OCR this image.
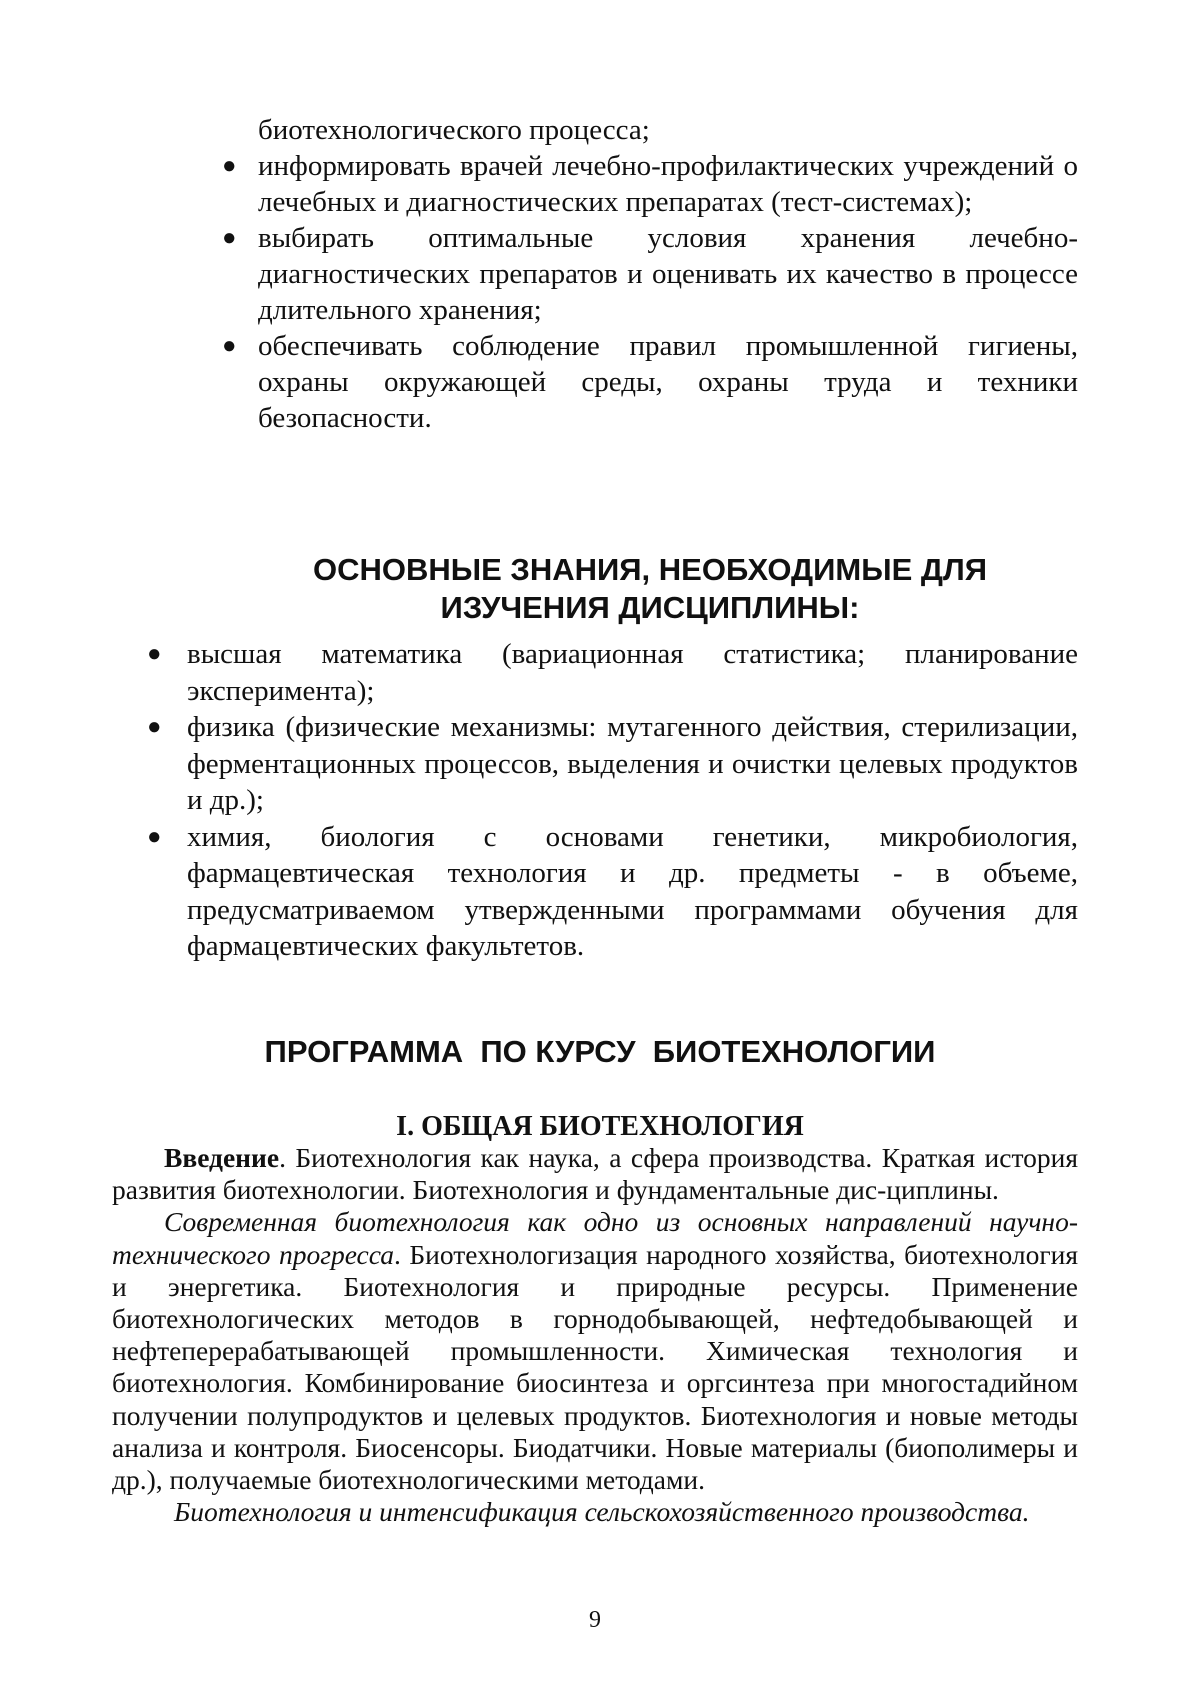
биотехнологического процесса;
● информировать врачей лечебно-профилактических учреждений о лечебных и диагностических препаратах (тест-системах);
● выбирать оптимальные условия хранения лечебно-диагностических препаратов и оценивать их качество в процессе длительного хранения;
● обеспечивать соблюдение правил промышленной гигиены, охраны окружающей среды, охраны труда и техники безопасности.
ОСНОВНЫЕ ЗНАНИЯ, НЕОБХОДИМЫЕ ДЛЯ
ИЗУЧЕНИЯ ДИСЦИПЛИНЫ:
● высшая математика (вариационная статистика; планирование эксперимента);
● физика (физические механизмы: мутагенного действия, стерилизации, ферментационных процессов, выделения и очистки целевых продуктов и др.);
● химия, биология с основами генетики, микробиология, фармацевтическая технология и др. предметы - в объеме, предусматриваемом утвержденными программами обучения для фармацевтических факультетов.
ПРОГРАММА  ПО КУРСУ  БИОТЕХНОЛОГИИ
I. ОБЩАЯ БИОТЕХНОЛОГИЯ

Введение. Биотехнология как наука, а сфера производства. Краткая история развития биотехнологии. Биотехнология и фундаментальные дис-циплины.

Современная биотехнология как одно из основных направлений научно-технического прогресса. Биотехнологизация народного хозяйства, биотехнология и энергетика. Биотехнология и природные ресурсы. Применение биотехнологических методов в горнодобывающей, нефтедобывающей и нефтеперерабатывающей промышленности. Химическая технология и биотехнология. Комбинирование биосинтеза и оргсинтеза при многостадийном получении полупродуктов и целевых продуктов. Биотехнология и новые методы анализа и контроля. Биосенсоры. Биодатчики. Новые материалы (биополимеры и др.), получаемые биотехнологическими методами.

Биотехнология и интенсификация сельскохозяйственного производства.

9
